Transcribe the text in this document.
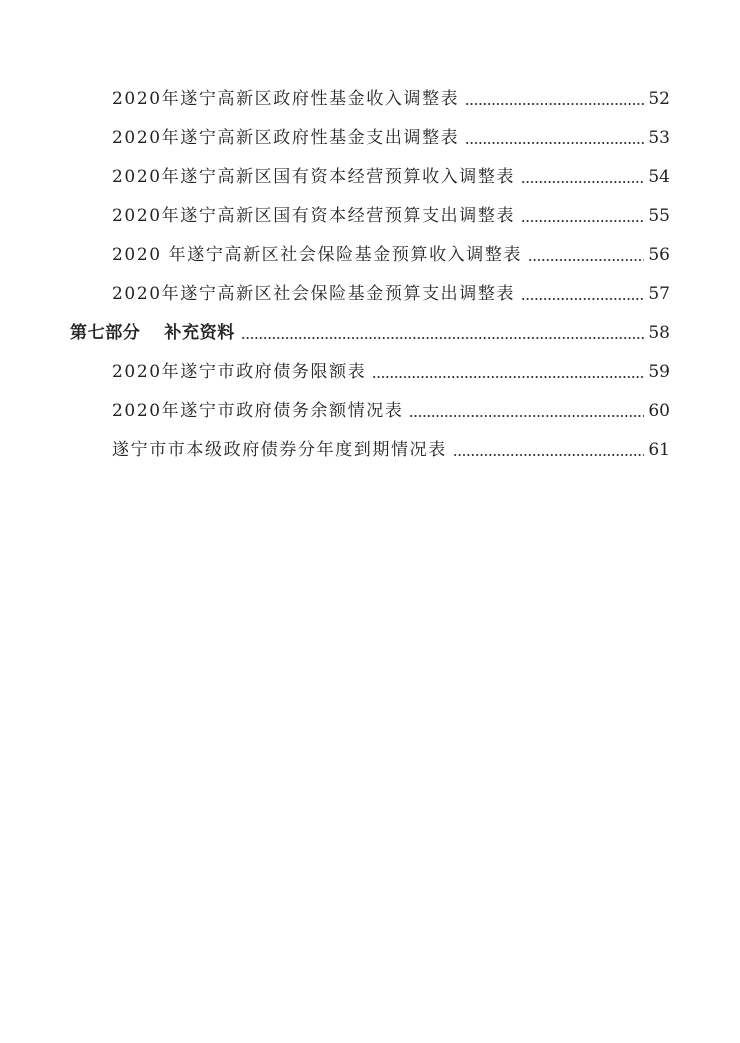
2020年遂宁高新区政府性基金收入调整表	52
2020年遂宁高新区政府性基金支出调整表	53
2020年遂宁高新区国有资本经营预算收入调整表	54
2020年遂宁高新区国有资本经营预算支出调整表	55
2020 年遂宁高新区社会保险基金预算收入调整表	56
2020年遂宁高新区社会保险基金预算支出调整表	57
第七部分 补充资料	58
2020年遂宁市政府债务限额表	59
2020年遂宁市政府债务余额情况表	60
遂宁市市本级政府债券分年度到期情况表	61
